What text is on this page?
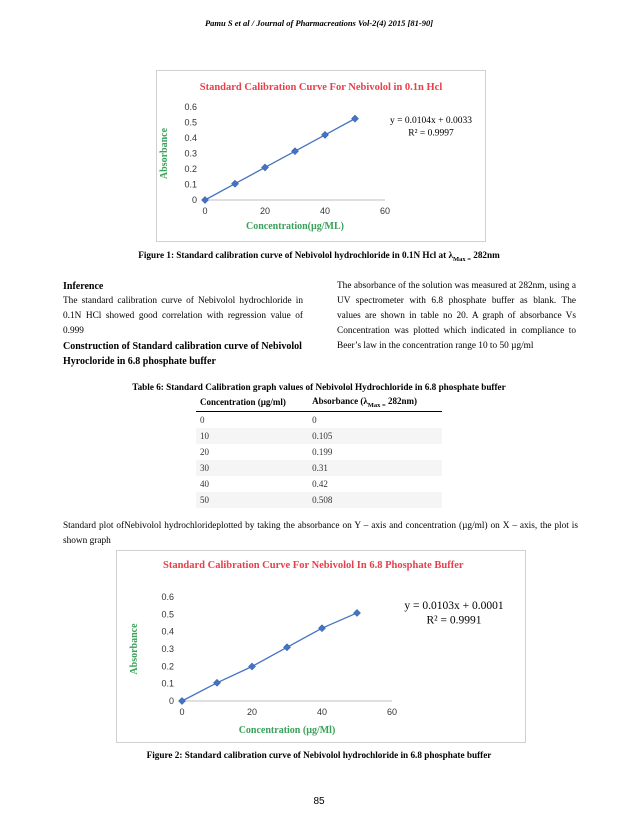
Pamu S et al / Journal of Pharmacreations Vol-2(4) 2015 [81-90]
Standard Calibration Curve For Nebivolol in 0.1n Hcl
0
0.1
0.2
0.3
0.4
0.5
0.6
0	20	40	60
Concentration(µg/ML)
Absorbance
y = 0.0104x + 0.0033
R² = 0.9997
Figure 1: Standard calibration curve of Nebivolol hydrochloride in 0.1N Hcl at $\lambda_{Max =}$ 282nm
Inference

The standard calibration curve of Nebivolol hydrochloride in 0.1N HCl showed good correlation with regression value of 0.999

Construction of Standard calibration curve of Nebivolol Hyrocloride in 6.8 phosphate buffer

The absorbance of the solution was measured at 282nm, using a UV spectrometer with 6.8 phosphate buffer as blank. The values are shown in table no 20. A graph of absorbance Vs Concentration was plotted which indicated in compliance to Beer’s law in the concentration range 10 to 50 µg/ml

Table 6: Standard Calibration graph values of Nebivolol Hydrochloride in 6.8 phosphate buffer
Concentration (µg/ml)	Absorbance ($\lambda_{Max =}$ 282nm)
0	0
10	0.105
20	0.199
30	0.31
40	0.42
50	0.508
Standard plot ofNebivolol hydrochlorideplotted by taking the absorbance on Y – axis and concentration (µg/ml) on X – axis, the plot is shown graph
Standard Calibration Curve For Nebivolol In 6.8 Phosphate Buffer
0
0.1
0.2
0.3
0.4
0.5
0.6
0	20	40	60
Concentration (µg/Ml)
Absorbance
y = 0.0103x + 0.0001
R² = 0.9991
Figure 2: Standard calibration curve of Nebivolol hydrochloride in 6.8 phosphate buffer
85
